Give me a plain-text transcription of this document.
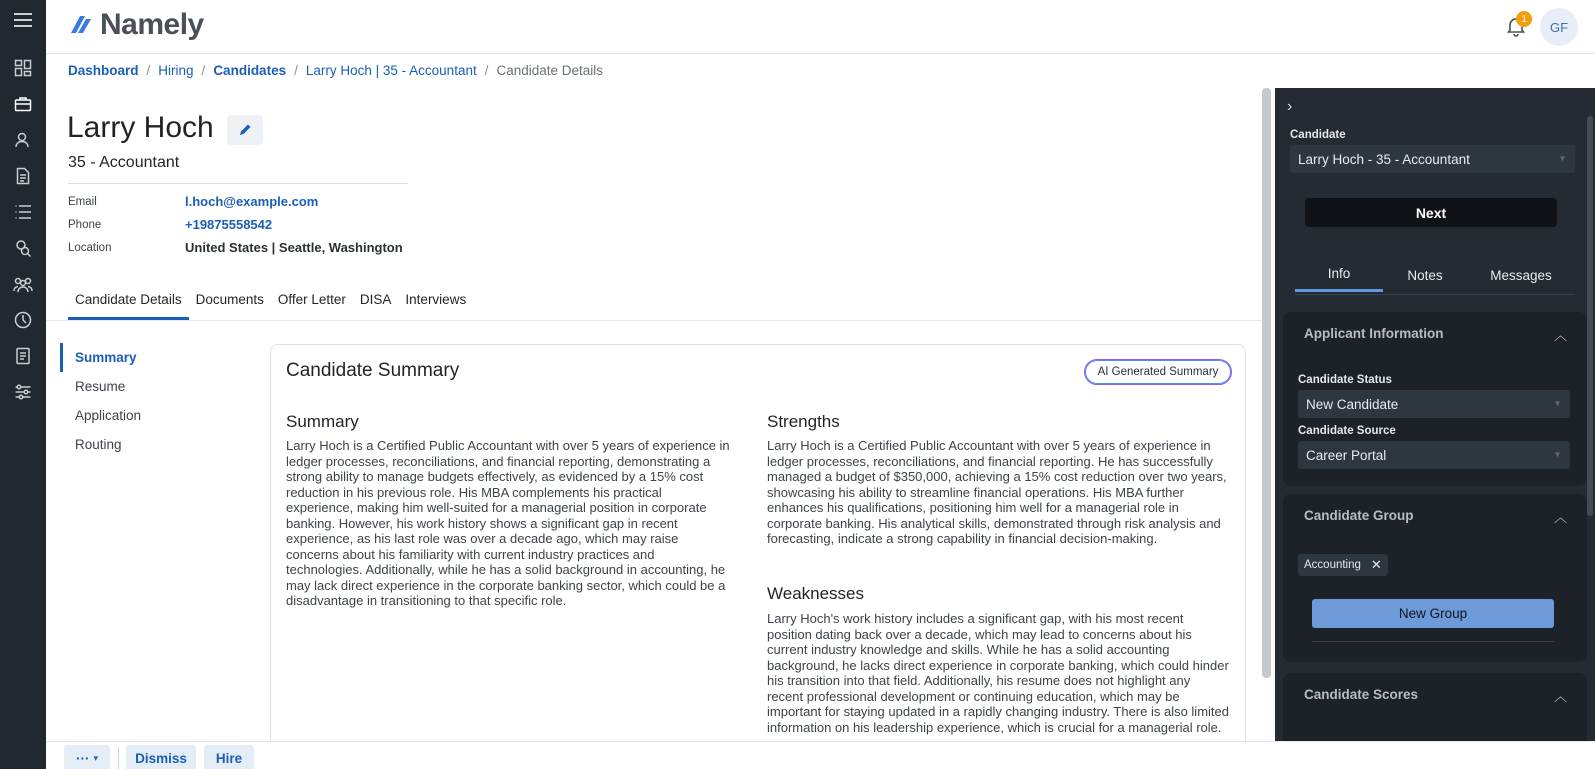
Namely	1
GF
Dashboard / Hiring / Candidates / Larry Hoch | 35 - Accountant / Candidate Details
Larry Hoch
35 - Accountant
Email	l.hoch@example.com
Phone	+19875558542
Location	United States | Seattle, Washington
Candidate Details	Documents	Offer Letter	DISA	Interviews
Summary
Resume
Application
Routing
Candidate Summary	AI Generated Summary
Summary
Larry Hoch is a Certified Public Accountant with over 5 years of experience in ledger processes, reconciliations, and financial reporting, demonstrating a strong ability to manage budgets effectively, as evidenced by a 15% cost reduction in his previous role. His MBA complements his practical experience, making him well-suited for a managerial position in corporate banking. However, his work history shows a significant gap in recent experience, as his last role was over a decade ago, which may raise concerns about his familiarity with current industry practices and technologies. Additionally, while he has a solid background in accounting, he may lack direct experience in the corporate banking sector, which could be a disadvantage in transitioning to that specific role.
Strengths
Larry Hoch is a Certified Public Accountant with over 5 years of experience in ledger processes, reconciliations, and financial reporting. He has successfully managed a budget of $350,000, achieving a 15% cost reduction over two years, showcasing his ability to streamline financial operations. His MBA further enhances his qualifications, positioning him well for a managerial role in corporate banking. His analytical skills, demonstrated through risk analysis and forecasting, indicate a strong capability in financial decision-making.
Weaknesses
Larry Hoch's work history includes a significant gap, with his most recent position dating back over a decade, which may lead to concerns about his current industry knowledge and skills. While he has a solid accounting background, he lacks direct experience in corporate banking, which could hinder his transition into that field. Additionally, his resume does not highlight any recent professional development or continuing education, which may be important for staying updated in a rapidly changing industry. There is also limited information on his leadership experience, which is crucial for a managerial role.
›
Candidate
Larry Hoch - 35 - Accountant	▾
Next
Info	Notes	Messages
Applicant Information	︿
Candidate Status
New Candidate	▾
Candidate Source
Career Portal	▾
Candidate Group	︿
Accounting ✕
New Group
Candidate Scores	︿
··· ▾	Dismiss	Hire
